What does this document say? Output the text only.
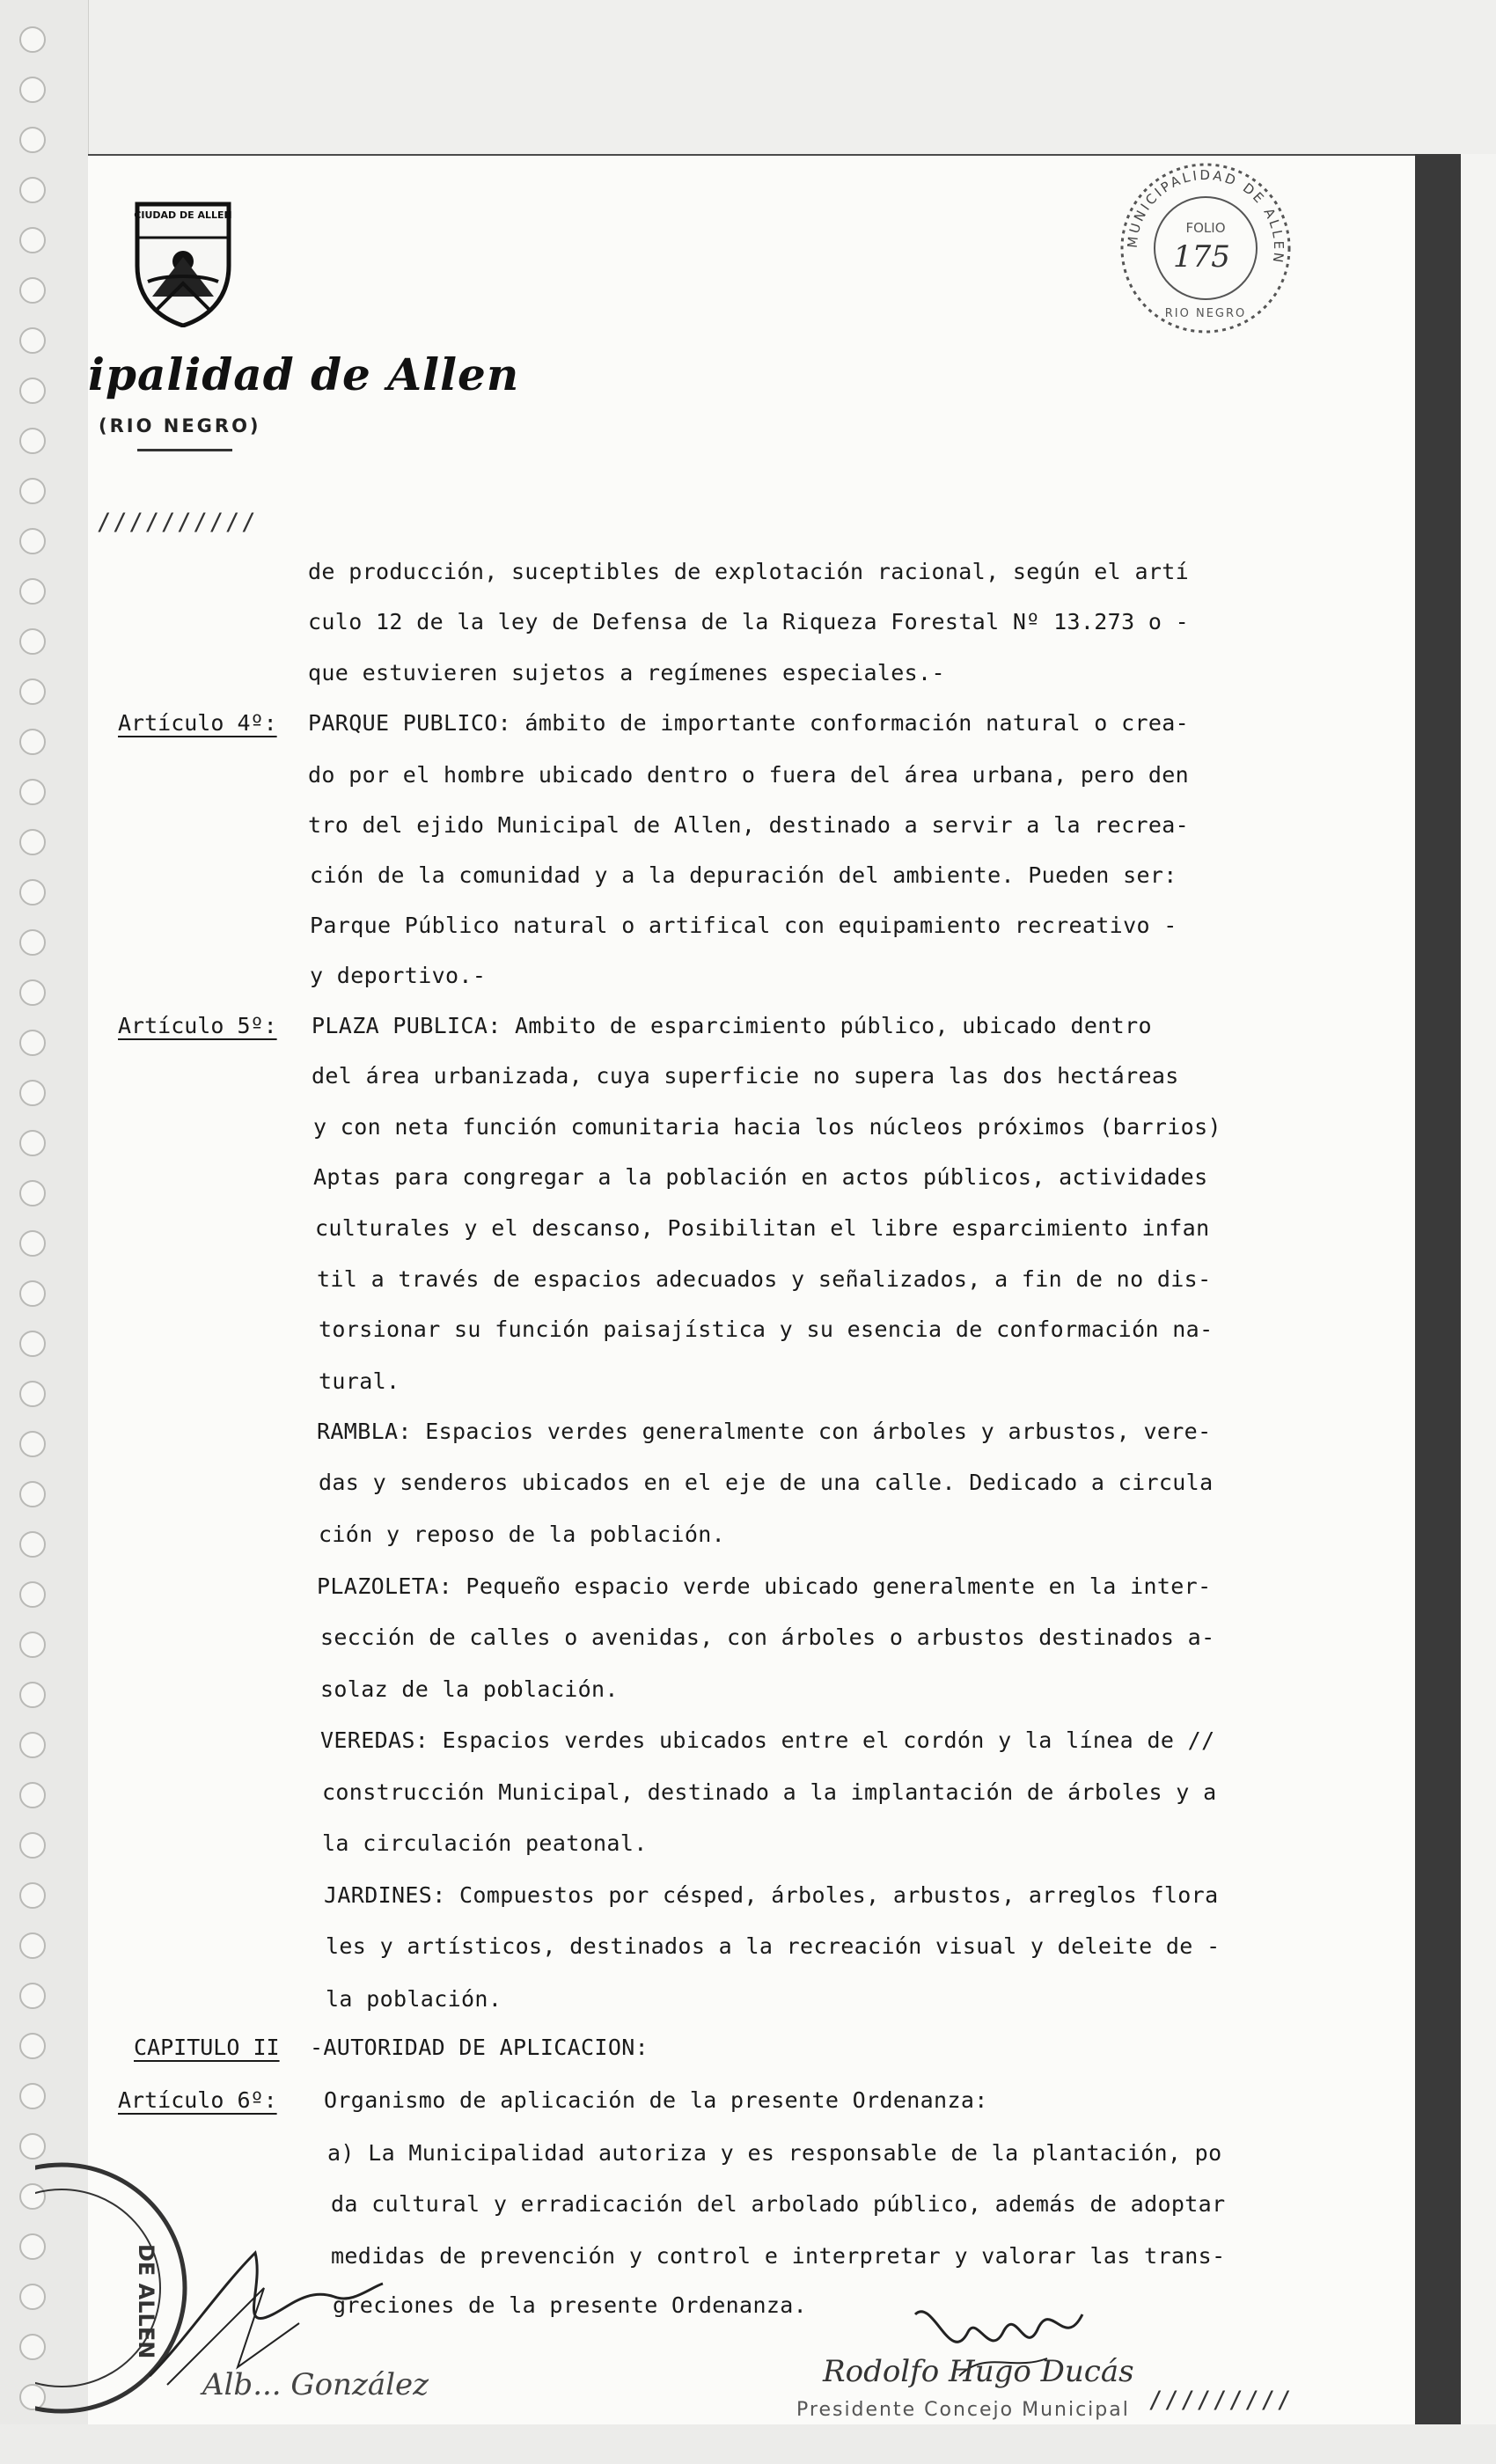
CIUDAD DE ALLEN
ipalidad de Allen
(RIO NEGRO)
MUNICIPALIDAD DE ALLEN
FOLIO
RIO NEGRO
175
//////////
de producción, suceptibles de explotación racional, según el artí
culo 12 de la ley de Defensa de la Riqueza Forestal Nº 13.273 o -
que estuvieren sujetos a regímenes especiales.-
Artículo 4º: PARQUE PUBLICO: ámbito de importante conformación natural o crea-
do por el hombre ubicado dentro o fuera del área urbana, pero den
tro del ejido Municipal de Allen, destinado a servir a la recrea-
ción de la comunidad y a la depuración del ambiente. Pueden ser:
Parque Público natural o artifical con equipamiento recreativo -
y deportivo.-
Artículo 5º: PLAZA PUBLICA: Ambito de esparcimiento público, ubicado dentro
del área urbanizada, cuya superficie no supera las dos hectáreas
y con neta función comunitaria hacia los núcleos próximos (barrios)
Aptas para congregar a la población en actos públicos, actividades
culturales y el descanso, Posibilitan el libre esparcimiento infan
til a través de espacios adecuados y señalizados, a fin de no dis-
torsionar su función paisajística y su esencia de conformación na-
tural.
RAMBLA: Espacios verdes generalmente con árboles y arbustos, vere-
das y senderos ubicados en el eje de una calle. Dedicado a circula
ción y reposo de la población.
PLAZOLETA: Pequeño espacio verde ubicado generalmente en la inter-
sección de calles o avenidas, con árboles o arbustos destinados a-
solaz de la población.
VEREDAS: Espacios verdes ubicados entre el cordón y la línea de //
construcción Municipal, destinado a la implantación de árboles y a
la circulación peatonal.
JARDINES: Compuestos por césped, árboles, arbustos, arreglos flora
les y artísticos, destinados a la recreación visual y deleite de -
la población.
CAPITULO II -AUTORIDAD DE APLICACION:
Artículo 6º: Organismo de aplicación de la presente Ordenanza:
a) La Municipalidad autoriza y es responsable de la plantación, po
da cultural y erradicación del arbolado público, además de adoptar
medidas de prevención y control e interpretar y valorar las trans-
greciones de la presente Ordenanza.
DE ALLEN
Alb... González	Rodolfo Hugo Ducás
Presidente Concejo Municipal /////////
